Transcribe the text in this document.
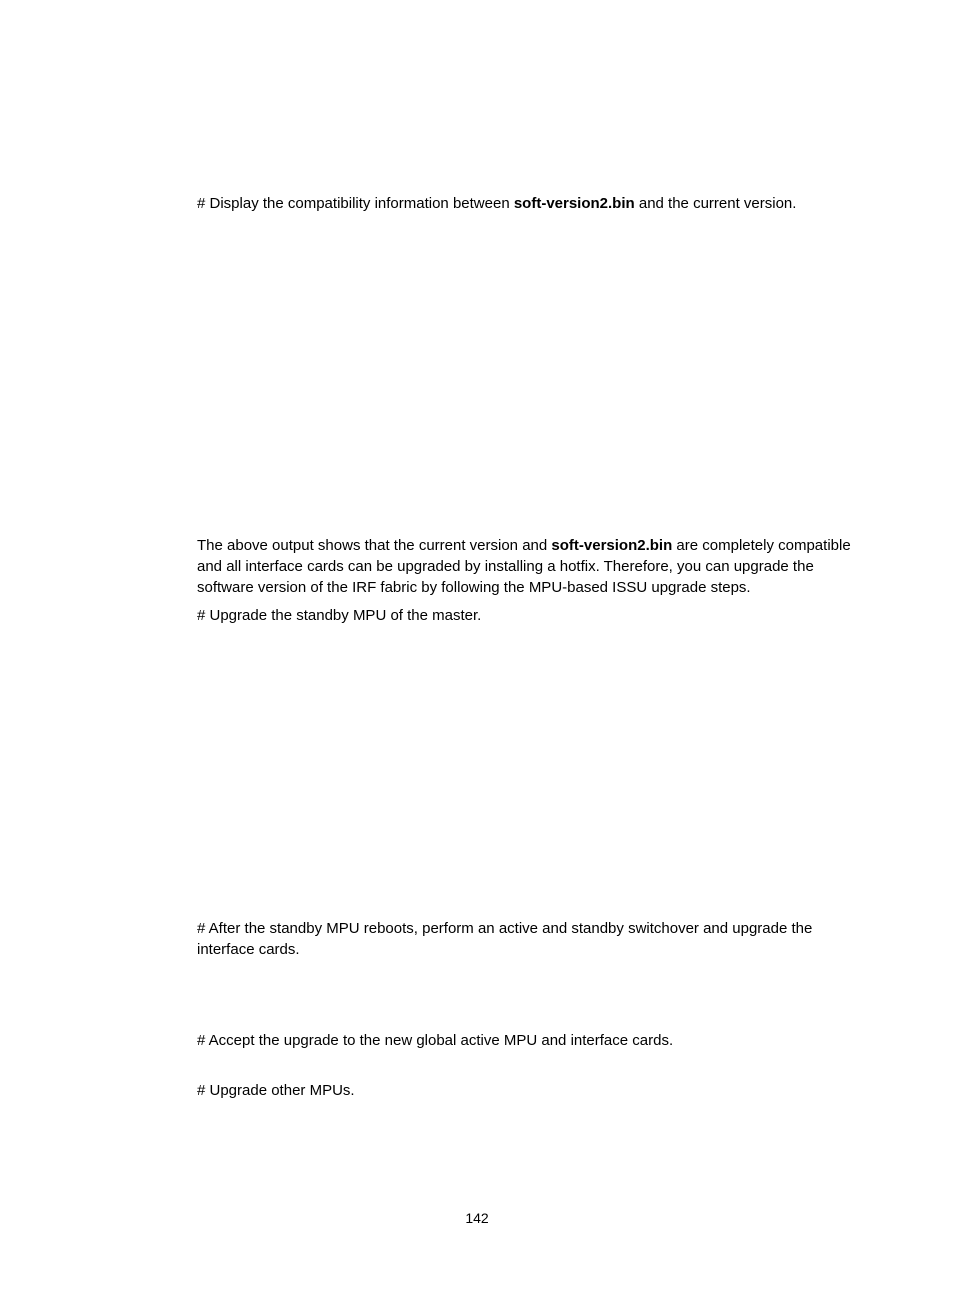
# Display the compatibility information between soft-version2.bin and the current version.

The above output shows that the current version and soft-version2.bin are completely compatible and all interface cards can be upgraded by installing a hotfix. Therefore, you can upgrade the software version of the IRF fabric by following the MPU-based ISSU upgrade steps.

# Upgrade the standby MPU of the master.

# After the standby MPU reboots, perform an active and standby switchover and upgrade the interface cards.

# Accept the upgrade to the new global active MPU and interface cards.

# Upgrade other MPUs.

142
